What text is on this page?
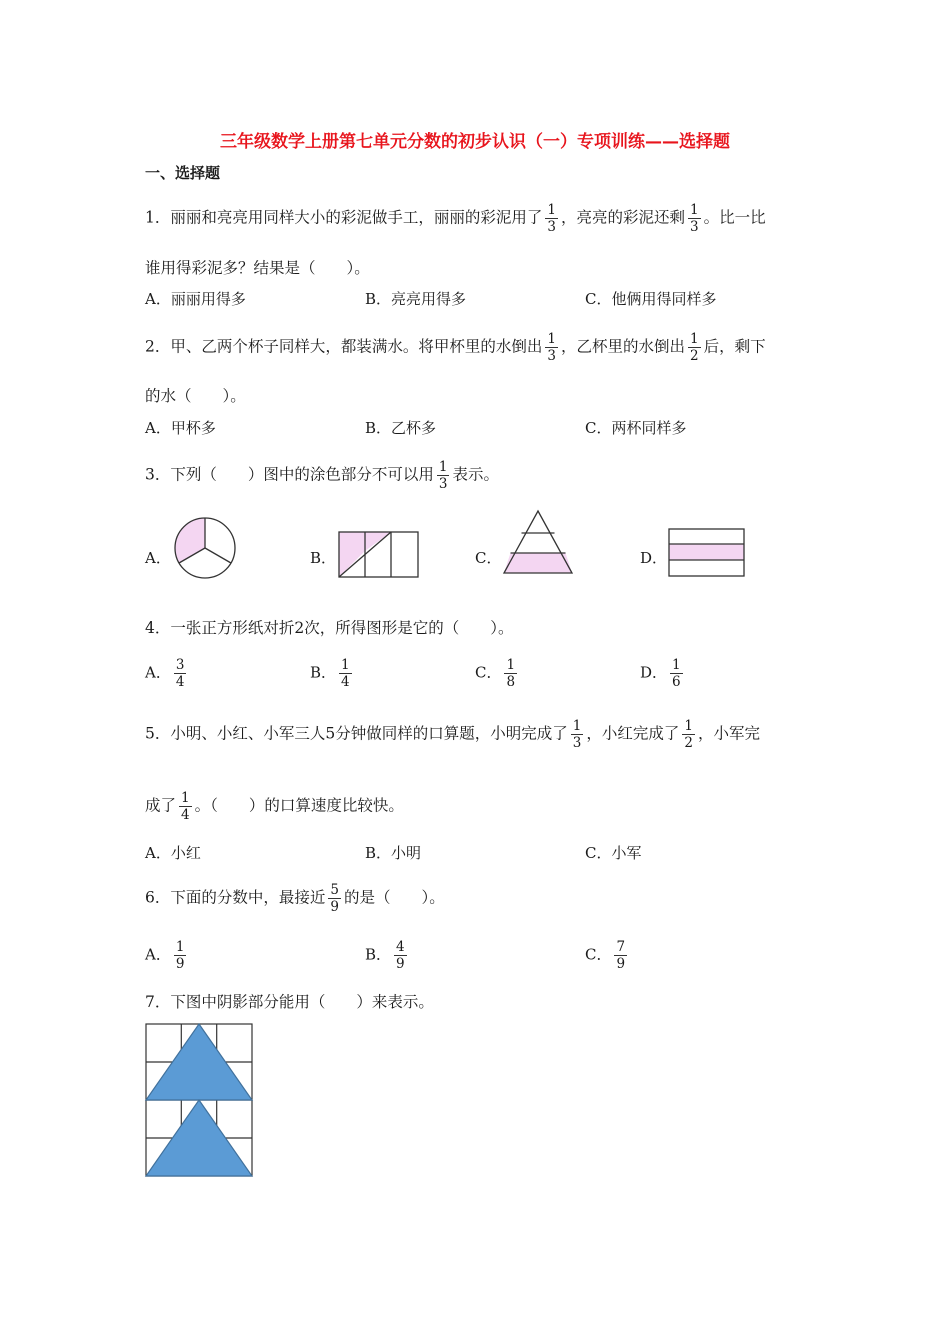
三年级数学上册第七单元分数的初步认识（一）专项训练——选择题
一、选择题
1．丽丽和亮亮用同样大小的彩泥做手工，丽丽的彩泥用了 $\frac{1}{3}$ ，亮亮的彩泥还剩 $\frac{1}{3}$ 。比一比
谁用得彩泥多？结果是（　　）。
A．丽丽用得多	B．亮亮用得多	C．他俩用得同样多
2．甲、乙两个杯子同样大，都装满水。将甲杯里的水倒出 $\frac{1}{3}$ ，乙杯里的水倒出 $\frac{1}{2}$ 后，剩下
的水（　　）。
A．甲杯多	B．乙杯多	C．两杯同样多
3．下列（　　）图中的涂色部分不可以用 $\frac{1}{3}$ 表示。
A．	B．	C．	D．
4．一张正方形纸对折2次，所得图形是它的（　　）。
A． $\frac{3}{4}$	B． $\frac{1}{4}$	C． $\frac{1}{8}$	D． $\frac{1}{6}$
5．小明、小红、小军三人5分钟做同样的口算题，小明完成了 $\frac{1}{3}$ ，小红完成了 $\frac{1}{2}$ ，小军完
成了 $\frac{1}{4}$ 。（　　）的口算速度比较快。
A．小红	B．小明	C．小军
6．下面的分数中，最接近 $\frac{5}{9}$ 的是（　　）。
A． $\frac{1}{9}$	B． $\frac{4}{9}$	C． $\frac{7}{9}$
7．下图中阴影部分能用（　　）来表示。
